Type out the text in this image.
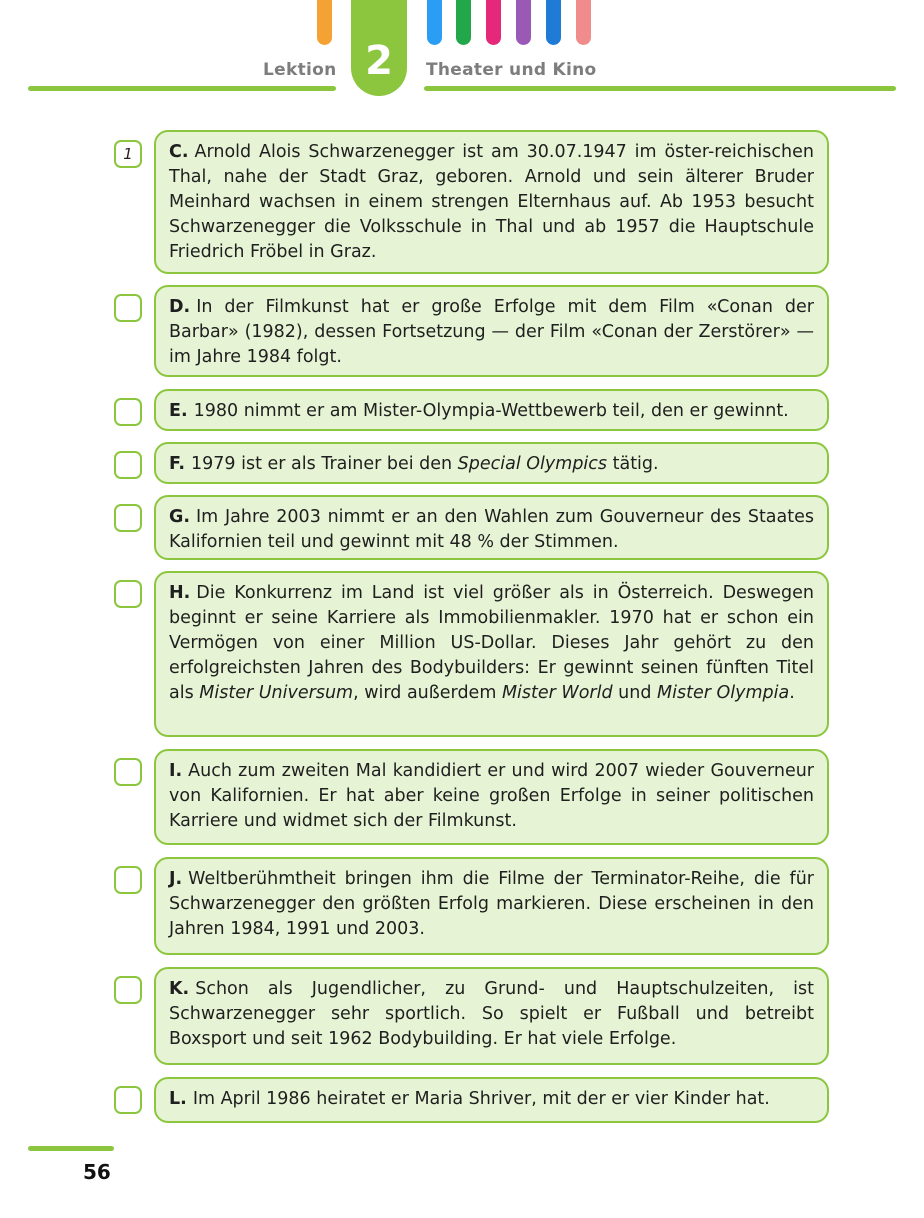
Lektion 2	Theater und Kino
1	C. Arnold Alois Schwarzenegger ist am 30.07.1947 im öster-reichischen Thal, nahe der Stadt Graz, geboren. Arnold und sein älterer Bruder Meinhard wachsen in einem strengen Elternhaus auf. Ab 1953 besucht Schwarzenegger die Volksschule in Thal und ab 1957 die Hauptschule Friedrich Fröbel in Graz.
D. In der Filmkunst hat er große Erfolge mit dem Film «Conan der Barbar» (1982), dessen Fortsetzung — der Film «Conan der Zerstörer» — im Jahre 1984 folgt.
E. 1980 nimmt er am Mister-Olympia-Wettbewerb teil, den er gewinnt.
F. 1979 ist er als Trainer bei den Special Olympics tätig.
G. Im Jahre 2003 nimmt er an den Wahlen zum Gouverneur des Staates Kalifornien teil und gewinnt mit 48 % der Stimmen.
H. Die Konkurrenz im Land ist viel größer als in Österreich. Deswegen beginnt er seine Karriere als Immobilienmakler. 1970 hat er schon ein Vermögen von einer Million US-Dollar. Dieses Jahr gehört zu den erfolgreichsten Jahren des Bodybuilders: Er gewinnt seinen fünften Titel als Mister Universum, wird außerdem Mister World und Mister Olympia.
I. Auch zum zweiten Mal kandidiert er und wird 2007 wieder Gouverneur von Kalifornien. Er hat aber keine großen Erfolge in seiner politischen Karriere und widmet sich der Filmkunst.
J. Weltberühmtheit bringen ihm die Filme der Terminator-Reihe, die für Schwarzenegger den größten Erfolg markieren. Diese erscheinen in den Jahren 1984, 1991 und 2003.
K. Schon als Jugendlicher, zu Grund- und Hauptschulzeiten, ist Schwarzenegger sehr sportlich. So spielt er Fußball und betreibt Boxsport und seit 1962 Bodybuilding. Er hat viele Erfolge.
L. Im April 1986 heiratet er Maria Shriver, mit der er vier Kinder hat.
56
